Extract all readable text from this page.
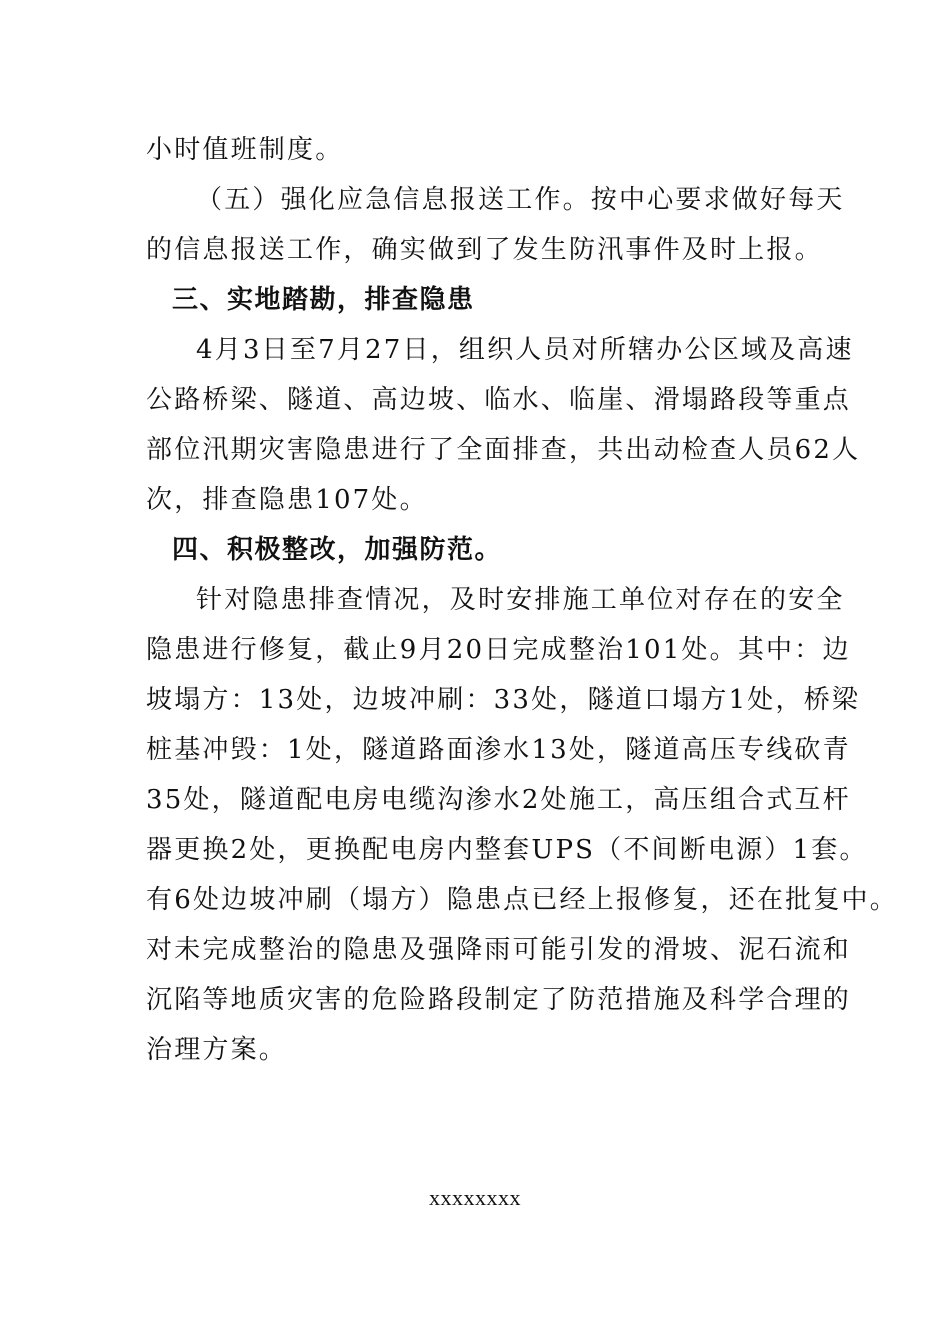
小时值班制度。
（五）强化应急信息报送工作。按中心要求做好每天
的信息报送工作，确实做到了发生防汛事件及时上报。
三、实地踏勘，排查隐患
4月3日至7月27日，组织人员对所辖办公区域及高速
公路桥梁、隧道、高边坡、临水、临崖、滑塌路段等重点
部位汛期灾害隐患进行了全面排查，共出动检查人员62人
次，排查隐患107处。
四、积极整改，加强防范。
针对隐患排查情况，及时安排施工单位对存在的安全
隐患进行修复，截止9月20日完成整治101处。其中：边
坡塌方：13处，边坡冲刷：33处，隧道口塌方1处，桥梁
桩基冲毁：1处，隧道路面渗水13处，隧道高压专线砍青
35处，隧道配电房电缆沟渗水2处施工，高压组合式互杆
器更换2处，更换配电房内整套UPS（不间断电源）1套。
有6处边坡冲刷（塌方）隐患点已经上报修复，还在批复中。
对未完成整治的隐患及强降雨可能引发的滑坡、泥石流和
沉陷等地质灾害的危险路段制定了防范措施及科学合理的
治理方案。
xxxxxxxx
